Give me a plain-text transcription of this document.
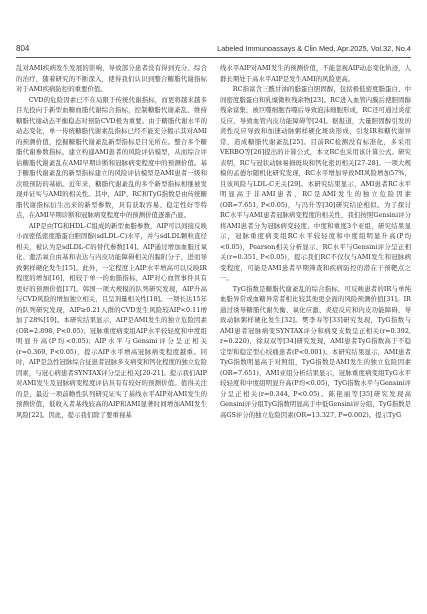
804	Labeled Immunoassays & Clin Med, Apr.2025, Vol.32, No.4

乱对AMI疾病发生发展的影响，导致部分患者没有得到充分、综合的治疗，随着研究的不断深入，使得我们认识到整合糖脂代谢指标对于AMI疾病防控的重要价值。

CVD的危险因素已不在局限于传统代谢指标，而更将越来越多目光投向于新型血糖血脂代谢综合指标，控制糖脂代谢紊乱、维持糖脂代谢动态平衡稳态对预防CVD极为重要。由于糖脂代谢水平的动态变化，单一传统糖脂代谢素乱指标已经不能充分揭示其对AMI的预测价值，挖掘糖脂代谢紊乱新型指标是目光所在。整合多个糖脂代谢参数指标，建立构建AMI患者的风险评估模型，从而综合评估糖脂代谢紊乱在AMI早期诊断和冠脉病变程度中的预测价值。基于糖脂代谢紊乱的新型指标建立的风险评估模型是AMI患者一级和次级预防的基础。近年来，糖脂代谢紊乱的多个新型指标相继被发现并证实与AMI的相关性。其中，AIP、RC和TyG指数是由传统糖脂代谢指标衍生出来的新型参数，具有获取容易、稳定性好等特点，在AMI早期诊断和冠脉病变程度中的预测价值逐渐凸显。

AIP是由TG和HDL-C组成的新型血脂参数，AIP可以间接反映小而密低密度脂蛋白胆固醇(sdLDL-C)水平，并与sdLDL颗粒直径相关，被认为是sdLDL-C的替代参数[14]。AIP通过增加血脂过氧化、激活氧自由基和表达与内皮功能障碍相关的黏附分子，进而导致粥样硬化发生[15]。此外，一定程度上AIP水平增高可以反映IR程度的增加[16]，相较于单一的血脂指标，AIP对心血管事件具有更好的预测价值[17]。韩国一项大规模的队列研究发现，AIP升高与CVD风险的增加独立相关，且呈剂量相关性[18]。一项长达15年的队列研究发现，AIP≥0.21人群的CVD发生风险较AIP<0.11增加了28%[19]。本研究结果显示，AIP是AMI发生的独立危险因素(OR=2.898, P<0.05)；冠脉重度病变组AIP水平较轻度和中度组明显升高(P均<0.05)；AIP水平与Gensini评分呈正相关(r=0.369, P<0.05)，提示AIP水平增高冠脉病变程度越重。同时，AIP是急性冠脉综合征患者冠脉多支病变和钙化程度的独立危险因素，与冠心病患者SYNTAX评分呈正相关[20-21]。提示我们AIP对AMI发生及冠脉病变程度评估具有有较好的预测价值。值得关注的是，最近一项前瞻性队列研究证实了基线水平AIP对AMI发生的预测价值，低收入者基线较高的AIP和AMI显著时间增加AMI发生风险[22]。因此，提示我们除了要重视基

线水平AIP对AMI发生的预测价值，不能忽视AIP动态变化轨迹，人群长期处于高水平AIP是发生AMI的风险更高。

RC指富含三酰甘油的脂蛋白胆固醇，包括极低密度脂蛋白、中间密度脂蛋白和乳糜微粒残余物[23]。RC进入血管内膜后使胆固醇残余富集，被巨噬细胞吞噬后导致泡沫细胞形成，RC还可通过炎症反应、导致血管内皮功能障碍等[24]。据报道，大量胆固醇引发的炎性反应导致和加速动脉粥样硬化斑块形成，引发IR和糖代谢异常，造成糖脂代谢紊乱[25]。目前RC检测没有标准化，多采用VERBO等[26]提出的计算公式，本文RC也采用该计算公式。研究表明，RC与冠状动脉易损斑块和钙化密切相关[27-28]。一项大规模的孟德尔随机化研究发现，RC水平增加导致MI风险增加57%，且该风险与LDL-C无关[29]。本研究结果显示，AMI患者RC水平明显高于非AMI患者，RC是AMI发生的独立危险因素(OR=7.651, P<0.05)，与冯升等[30]研究结论相似。为了探讨RC水平与AMI患者冠脉病变程度的相关性，我们按照Gensini评分将AMI患者分为冠脉病变轻度、中度和重度3个亚组，研究结果显示，冠脉重度病变组RC水平较轻度和中度组明显升高(P均<0.05)，Pearson相关分析显示，RC水平与Gensini评分呈正相关(r=0.351, P<0.05)，提示我们RC不仅仅与AMI发生和冠脉病变程度，可能是AMI患者早期筛查和疾病防控的潜在干预靶点之一。

TyG指数是糖脂代谢紊乱的综合指标，可反映患者的IR与单纯血脂异常或血糖异常者相比较其他更全面的风险预测价值[31]。IR通过诱导糖脂代谢失衡、氧化应激、炎症反应和内皮功能障碍，导致动脉粥样硬化发生[32]。樊李寿等[33]研究发现，TyG指数与AMI患者冠脉病变SYNTAX评分和病变支数呈正相关(r=0.392, r=0.220)，徐双双等[34]研究发现，AMI患者TyG指数高于不稳定型和稳定型心绞痛患者(P<0.001)。本研究结果显示，AMI患者TyG指数明显高于对照组，TyG指数是AMI发生的独立危险因素(OR=7.651)，AMI亚组分析结果显示，冠脉重度病变组TyG水平较轻度和中度组明显升高(P均<0.05)，TyG指数水平与Gensini评分呈正相关(r=0.344, P<0.05)。陈艳丽等[35]研究发现高Gensini评分组TyG指数明显高于中低Gensini评分组，TyG指数是高GS评分的独立危险因素(OR=13.327, P=0.002)。提示TyG
